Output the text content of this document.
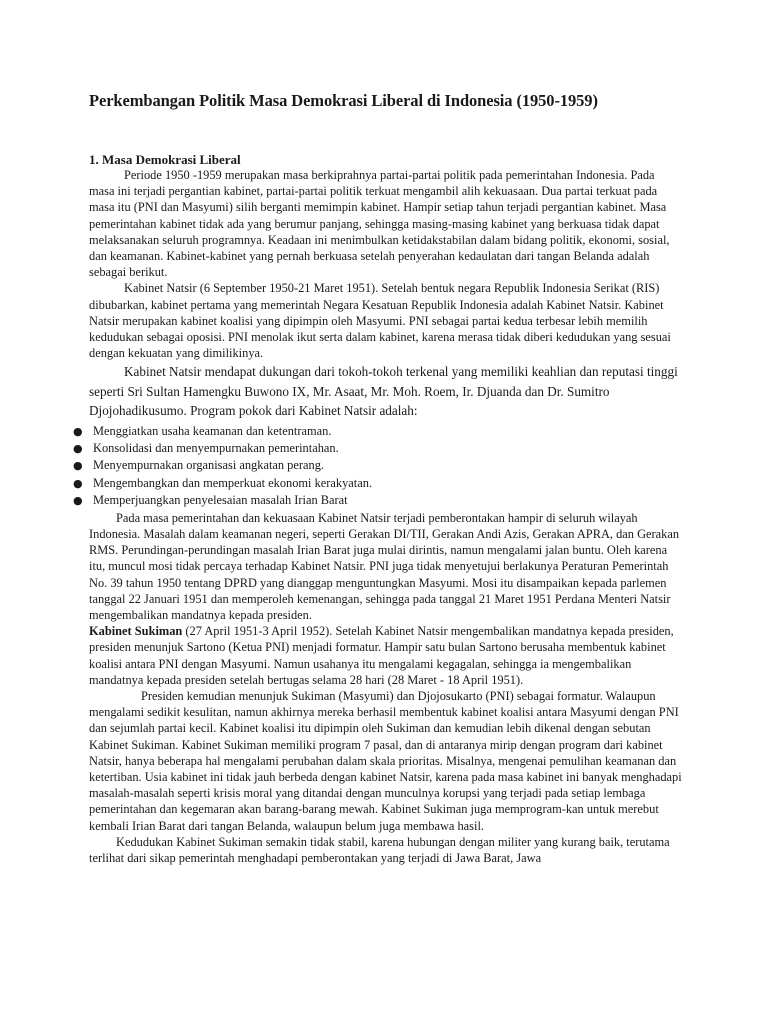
Perkembangan Politik Masa Demokrasi Liberal di Indonesia (1950-1959)
1. Masa Demokrasi Liberal

Periode 1950 -1959 merupakan masa berkiprahnya partai-partai politik pada pemerintahan Indonesia. Pada masa ini terjadi pergantian kabinet, partai-partai politik terkuat mengambil alih kekuasaan. Dua partai terkuat pada masa itu (PNI dan Masyumi) silih berganti memimpin kabinet. Hampir setiap tahun terjadi pergantian kabinet. Masa pemerintahan kabinet tidak ada yang berumur panjang, sehingga masing-masing kabinet yang berkuasa tidak dapat melaksanakan seluruh programnya. Keadaan ini menimbulkan ketidakstabilan dalam bidang politik, ekonomi, sosial, dan keamanan. Kabinet-kabinet yang pernah berkuasa setelah penyerahan kedaulatan dari tangan Belanda adalah sebagai berikut.

Kabinet Natsir (6 September 1950-21 Maret 1951). Setelah bentuk negara Republik Indonesia Serikat (RIS) dibubarkan, kabinet pertama yang memerintah Negara Kesatuan Republik Indonesia adalah Kabinet Natsir. Kabinet Natsir merupakan kabinet koalisi yang dipimpin oleh Masyumi. PNI sebagai partai kedua terbesar lebih memilih kedudukan sebagai oposisi. PNI menolak ikut serta dalam kabinet, karena merasa tidak diberi kedudukan yang sesuai dengan kekuatan yang dimilikinya.

Kabinet Natsir mendapat dukungan dari tokoh-tokoh terkenal yang memiliki keahlian dan reputasi tinggi seperti Sri Sultan Hamengku Buwono IX, Mr. Asaat, Mr. Moh. Roem, Ir. Djuanda dan Dr. Sumitro Djojohadikusumo. Program pokok dari Kabinet Natsir adalah:

● Menggiatkan usaha keamanan dan ketentraman.
● Konsolidasi dan menyempurnakan pemerintahan.
● Menyempurnakan organisasi angkatan perang.
● Mengembangkan dan memperkuat ekonomi kerakyatan.
● Memperjuangkan penyelesaian masalah Irian Barat

Pada masa pemerintahan dan kekuasaan Kabinet Natsir terjadi pemberontakan hampir di seluruh wilayah Indonesia. Masalah dalam keamanan negeri, seperti Gerakan DI/TII, Gerakan Andi Azis, Gerakan APRA, dan Gerakan RMS. Perundingan-perundingan masalah Irian Barat juga mulai dirintis, namun mengalami jalan buntu. Oleh karena itu, muncul mosi tidak percaya terhadap Kabinet Natsir. PNI juga tidak menyetujui berlakunya Peraturan Pemerintah No. 39 tahun 1950 tentang DPRD yang dianggap menguntungkan Masyumi. Mosi itu disampaikan kepada parlemen tanggal 22 Januari 1951 dan memperoleh kemenangan, sehingga pada tanggal 21 Maret 1951 Perdana Menteri Natsir mengembalikan mandatnya kepada presiden.

Kabinet Sukiman (27 April 1951-3 April 1952). Setelah Kabinet Natsir mengembalikan mandatnya kepada presiden, presiden menunjuk Sartono (Ketua PNI) menjadi formatur. Hampir satu bulan Sartono berusaha membentuk kabinet koalisi antara PNI dengan Masyumi. Namun usahanya itu mengalami kegagalan, sehingga ia mengembalikan mandatnya kepada presiden setelah bertugas selama 28 hari (28 Maret - 18 April 1951).

Presiden kemudian menunjuk Sukiman (Masyumi) dan Djojosukarto (PNI) sebagai formatur. Walaupun mengalami sedikit kesulitan, namun akhirnya mereka berhasil membentuk kabinet koalisi antara Masyumi dengan PNI dan sejumlah partai kecil. Kabinet koalisi itu dipimpin oleh Sukiman dan kemudian lebih dikenal dengan sebutan Kabinet Sukiman. Kabinet Sukiman memiliki program 7 pasal, dan di antaranya mirip dengan program dari kabinet Natsir, hanya beberapa hal mengalami perubahan dalam skala prioritas. Misalnya, mengenai pemulihan keamanan dan ketertiban. Usia kabinet ini tidak jauh berbeda dengan kabinet Natsir, karena pada masa kabinet ini banyak menghadapi masalah-masalah seperti krisis moral yang ditandai dengan munculnya korupsi yang terjadi pada setiap lembaga pemerintahan dan kegemaran akan barang-barang mewah. Kabinet Sukiman juga memprogram-kan untuk merebut kembali Irian Barat dari tangan Belanda, walaupun belum juga membawa hasil.

Kedudukan Kabinet Sukiman semakin tidak stabil, karena hubungan dengan militer yang kurang baik, terutama terlihat dari sikap pemerintah menghadapi pemberontakan yang terjadi di Jawa Barat, Jawa
